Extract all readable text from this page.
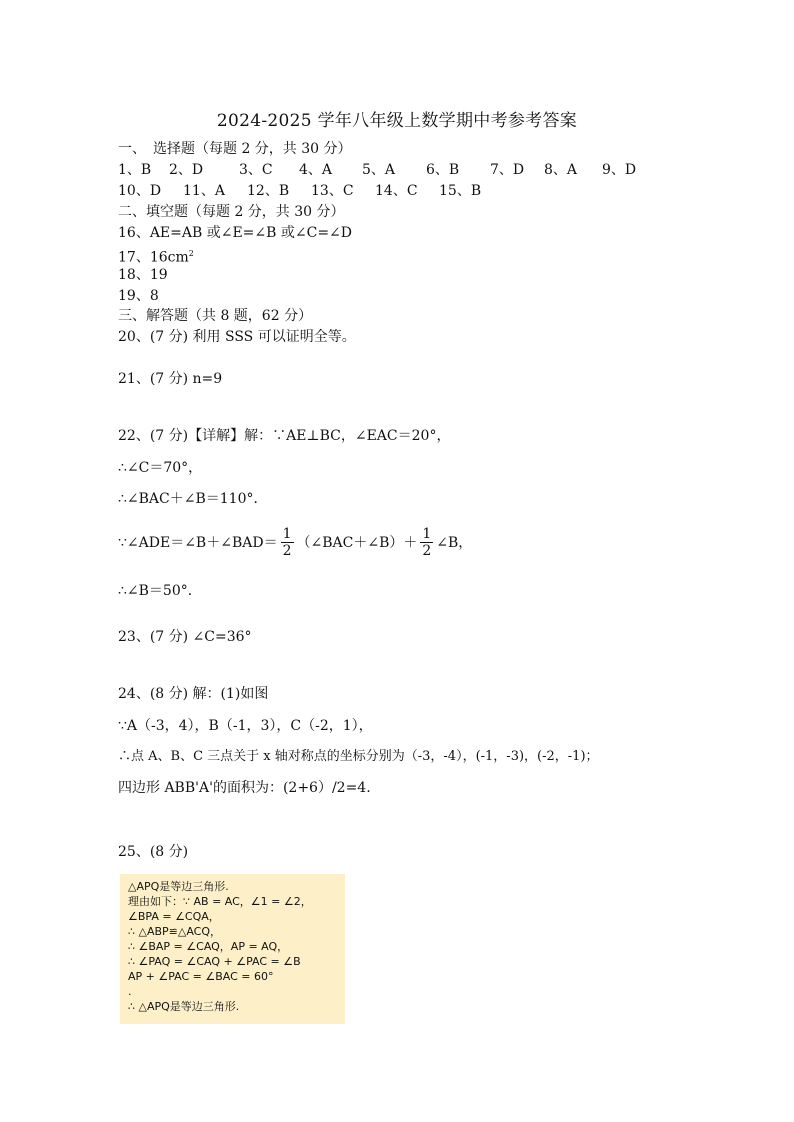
2024-2025 学年八年级上数学期中考参考答案
一、　选择题（每题 2 分，共 30 分）
1、B	2、D	3、C	4、A	5、A	6、B	7、D	8、A	9、D
10、D	11、A	12、B	13、C	14、C	15、B
二、填空题（每题 2 分，共 30 分）
16、AE=AB 或∠E=∠B 或∠C=∠D
17、$16cm^2$
18、19
19、8
三、解答题（共 8 题，62 分）
20、(7 分) 利用 SSS 可以证明全等。
21、(7 分) n=9
22、(7 分)【详解】解：∵AE⊥BC，∠EAC＝20°，
∴∠C＝70°，
∴∠BAC＋∠B＝110°．
∵∠ADE＝∠B＋∠BAD＝ $\frac{1}{2}$ （∠BAC＋∠B）＋ $\frac{1}{2}$ ∠B，
∴∠B＝50°．
23、(7 分) ∠C=36°
24、(8 分) 解：(1)如图
∵A（-3，4），B（-1，3），C（-2，1），
∴点 A、B、C 三点关于 x 轴对称点的坐标分别为（-3，-4），(-1，-3)，(-2，-1)；
四边形 ABB'A'的面积为：(2+6）/2=4.
25、(8 分)
△APQ是等边三角形.
理由如下：∵ AB = AC，∠1 = ∠2，
∠BPA = ∠CQA，
∴ △ABP≌△ACQ，
∴ ∠BAP = ∠CAQ，AP = AQ，
∴ ∠PAQ = ∠CAQ + ∠PAC = ∠B
AP + ∠PAC = ∠BAC = 60°
.
∴ △APQ是等边三角形.
